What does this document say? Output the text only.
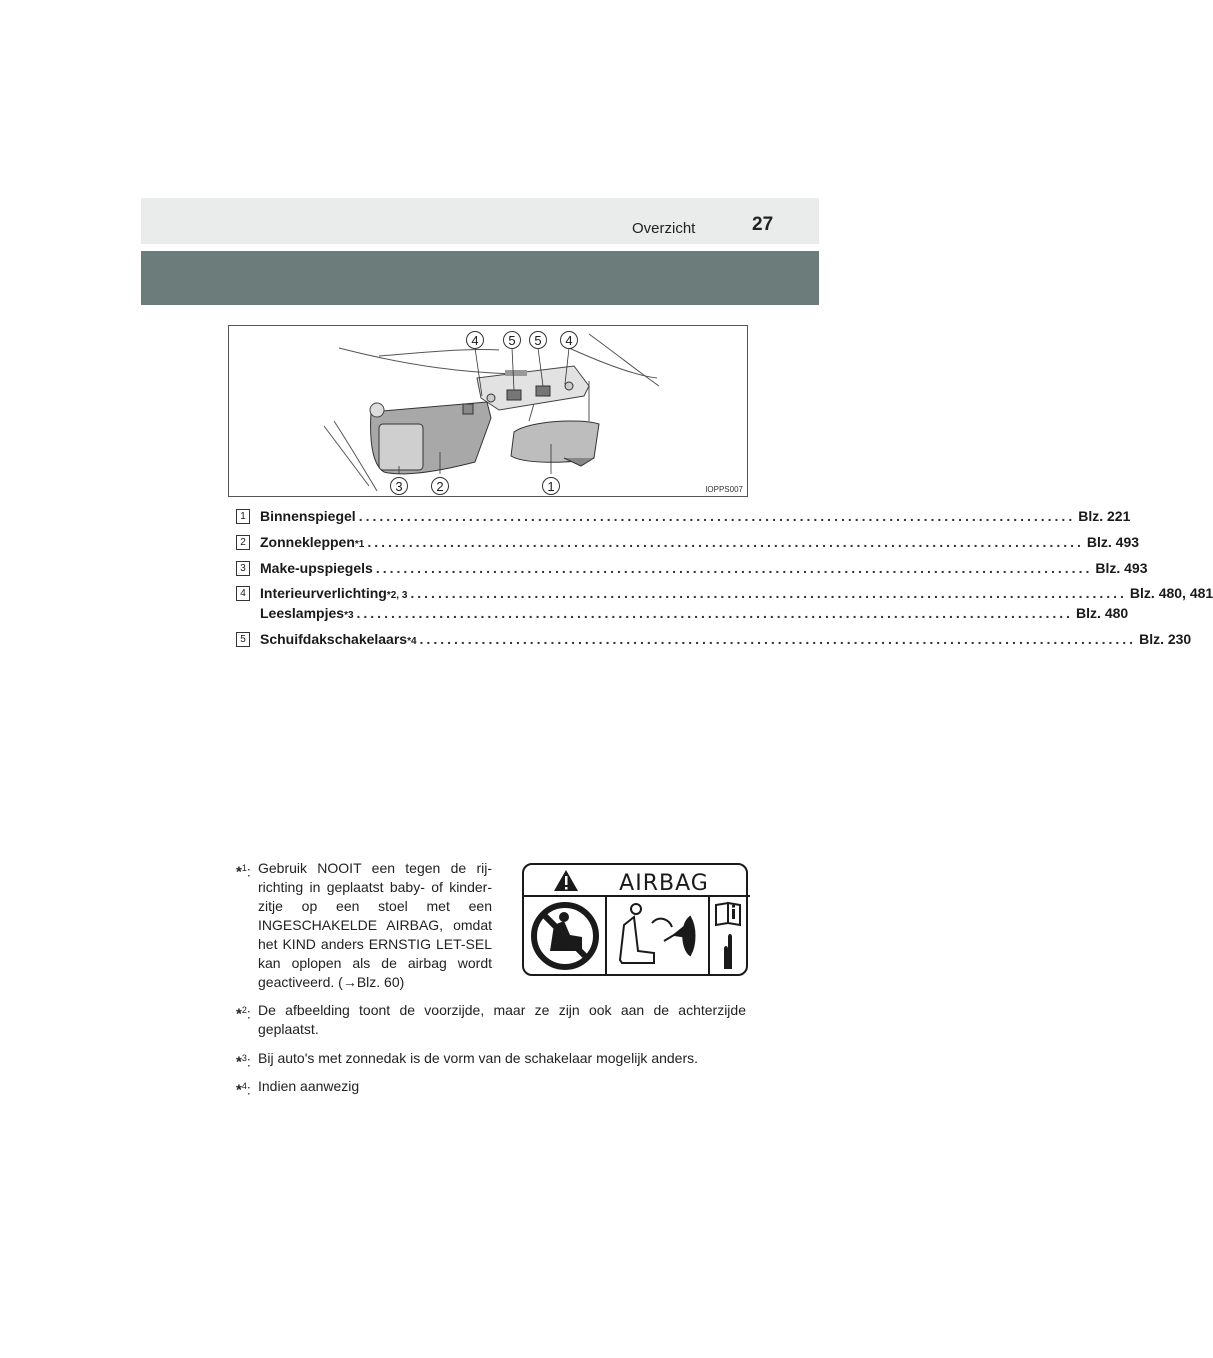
Overzicht	27
4 5 5 4
3	2	1	IOPPS007
1	Binnenspiegel ........................................................................................................ Blz. 221
2	Zonnekleppen *1 ........................................................................................................ Blz. 493
3	Make-upspiegels ........................................................................................................ Blz. 493
4	Interieurverlichting *2, 3 ........................................................................................................ Blz. 480, 481
Leeslampjes *3 ........................................................................................................ Blz. 480
5	Schuifdakschakelaars *4 ........................................................................................................ Blz. 230
*$^1$: Gebruik NOOIT een tegen de rij-richting in geplaatst baby- of kinder-zitje op een stoel met een INGESCHAKELDE AIRBAG, omdat het KIND anders ERNSTIG LET-SEL kan oplopen als de airbag wordt geactiveerd. (→Blz. 60)
AIRBAG
*$^2$: De afbeelding toont de voorzijde, maar ze zijn ook aan de achterzijde geplaatst.
*$^3$: Bij auto's met zonnedak is de vorm van de schakelaar mogelijk anders.
*$^4$: Indien aanwezig
